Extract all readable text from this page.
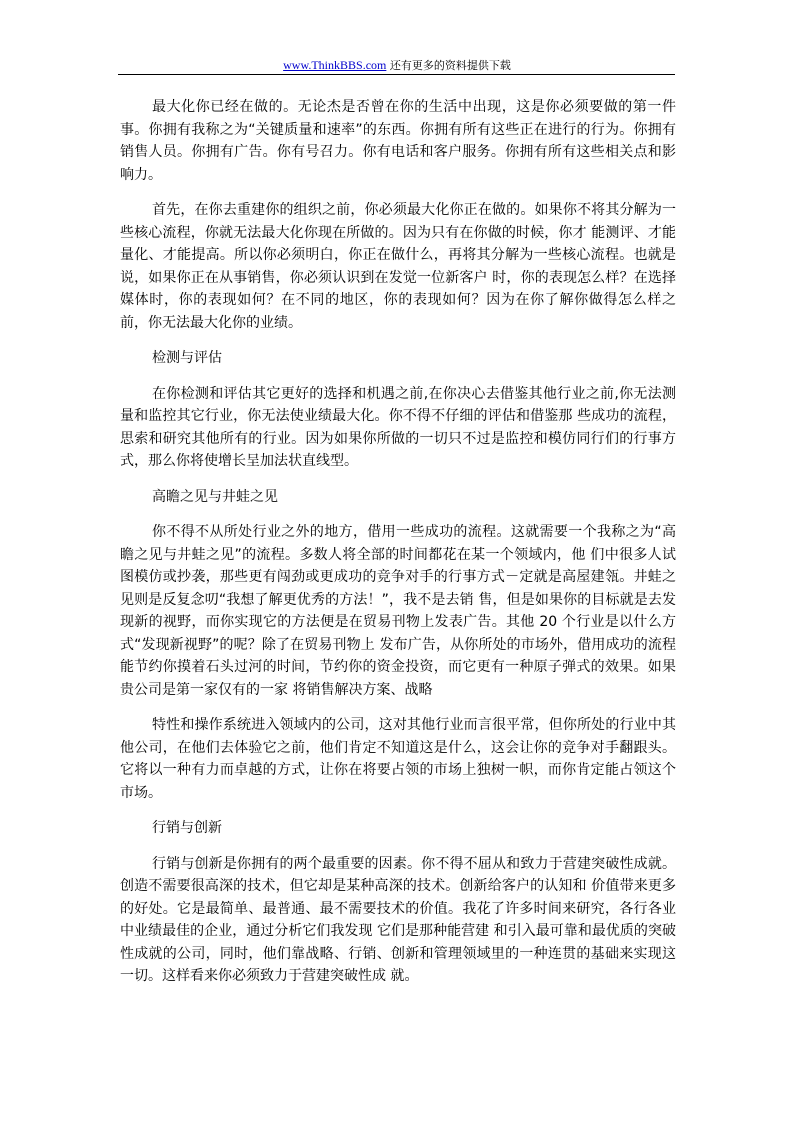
www.ThinkBBS.com 还有更多的资料提供下载

最大化你已经在做的。无论杰是否曾在你的生活中出现，这是你必须要做的第一件事。你拥有我称之为“关键质量和速率”的东西。你拥有所有这些正在进行的行为。你拥有销售人员。你拥有广告。你有号召力。你有电话和客户服务。你拥有所有这些相关点和影响力。

首先，在你去重建你的组织之前，你必须最大化你正在做的。如果你不将其分解为一些核心流程，你就无法最大化你现在所做的。因为只有在你做的时候，你才 能测评、才能量化、才能提高。所以你必须明白，你正在做什么，再将其分解为一些核心流程。也就是说，如果你正在从事销售，你必须认识到在发觉一位新客户 时，你的表现怎么样？在选择媒体时，你的表现如何？在不同的地区，你的表现如何？因为在你了解你做得怎么样之前，你无法最大化你的业绩。

检测与评估

在你检测和评估其它更好的选择和机遇之前,在你决心去借鉴其他行业之前,你无法测量和监控其它行业，你无法使业绩最大化。你不得不仔细的评估和借鉴那 些成功的流程，思索和研究其他所有的行业。因为如果你所做的一切只不过是监控和模仿同行们的行事方式，那么你将使增长呈加法状直线型。

高瞻之见与井蛙之见

你不得不从所处行业之外的地方，借用一些成功的流程。这就需要一个我称之为“高瞻之见与井蛙之见”的流程。多数人将全部的时间都花在某一个领域内，他 们中很多人试图模仿或抄袭，那些更有闯劲或更成功的竞争对手的行事方式－定就是高屋建瓴。井蛙之见则是反复念叨“我想了解更优秀的方法！”，我不是去销 售，但是如果你的目标就是去发现新的视野，而你实现它的方法便是在贸易刊物上发表广告。其他 20 个行业是以什么方式“发现新视野”的呢？除了在贸易刊物上 发布广告，从你所处的市场外，借用成功的流程能节约你摸着石头过河的时间，节约你的资金投资，而它更有一种原子弹式的效果。如果贵公司是第一家仅有的一家 将销售解决方案、战略

特性和操作系统进入领域内的公司，这对其他行业而言很平常，但你所处的行业中其他公司，在他们去体验它之前，他们肯定不知道这是什么，这会让你的竞争对手翻跟头。它将以一种有力而卓越的方式，让你在将要占领的市场上独树一帜，而你肯定能占领这个市场。

行销与创新

行销与创新是你拥有的两个最重要的因素。你不得不屈从和致力于营建突破性成就。创造不需要很高深的技术，但它却是某种高深的技术。创新给客户的认知和 价值带来更多的好处。它是最简单、最普通、最不需要技术的价值。我花了许多时间来研究，各行各业中业绩最佳的企业，通过分析它们我发现 它们是那种能营建 和引入最可靠和最优质的突破性成就的公司，同时，他们靠战略、行销、创新和管理领域里的一种连贯的基础来实现这一切。这样看来你必须致力于营建突破性成 就。
